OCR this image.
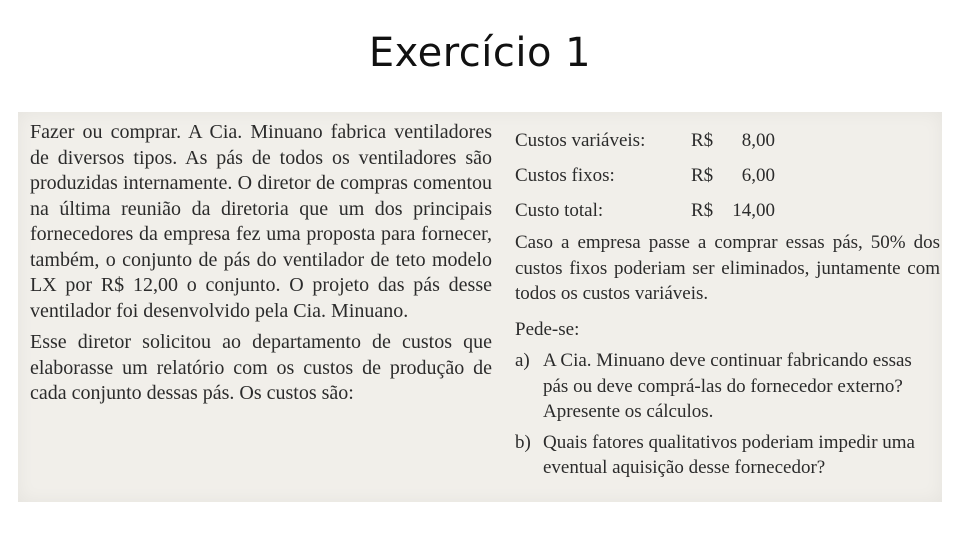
Exercício 1

Fazer ou comprar. A Cia. Minuano fabrica ventiladores de diversos tipos. As pás de todos os ventiladores são produzidas internamente. O diretor de compras comentou na última reunião da diretoria que um dos principais fornecedores da empresa fez uma proposta para fornecer, também, o conjunto de pás do ventilador de teto modelo LX por R$ 12,00 o conjunto. O projeto das pás desse ventilador foi desenvolvido pela Cia. Minuano.

Esse diretor solicitou ao departamento de custos que elaborasse um relatório com os custos de produção de cada conjunto dessas pás. Os custos são:

Custos variáveis:	R$	8,00
Custos fixos:	R$	6,00
Custo total:	R$	14,00

Caso a empresa passe a comprar essas pás, 50% dos custos fixos poderiam ser eliminados, juntamente com todos os custos variáveis.

Pede-se:

a) A Cia. Minuano deve continuar fabricando essas pás ou deve comprá-las do fornecedor externo? Apresente os cálculos.
b) Quais fatores qualitativos poderiam impedir uma eventual aquisição desse fornecedor?
